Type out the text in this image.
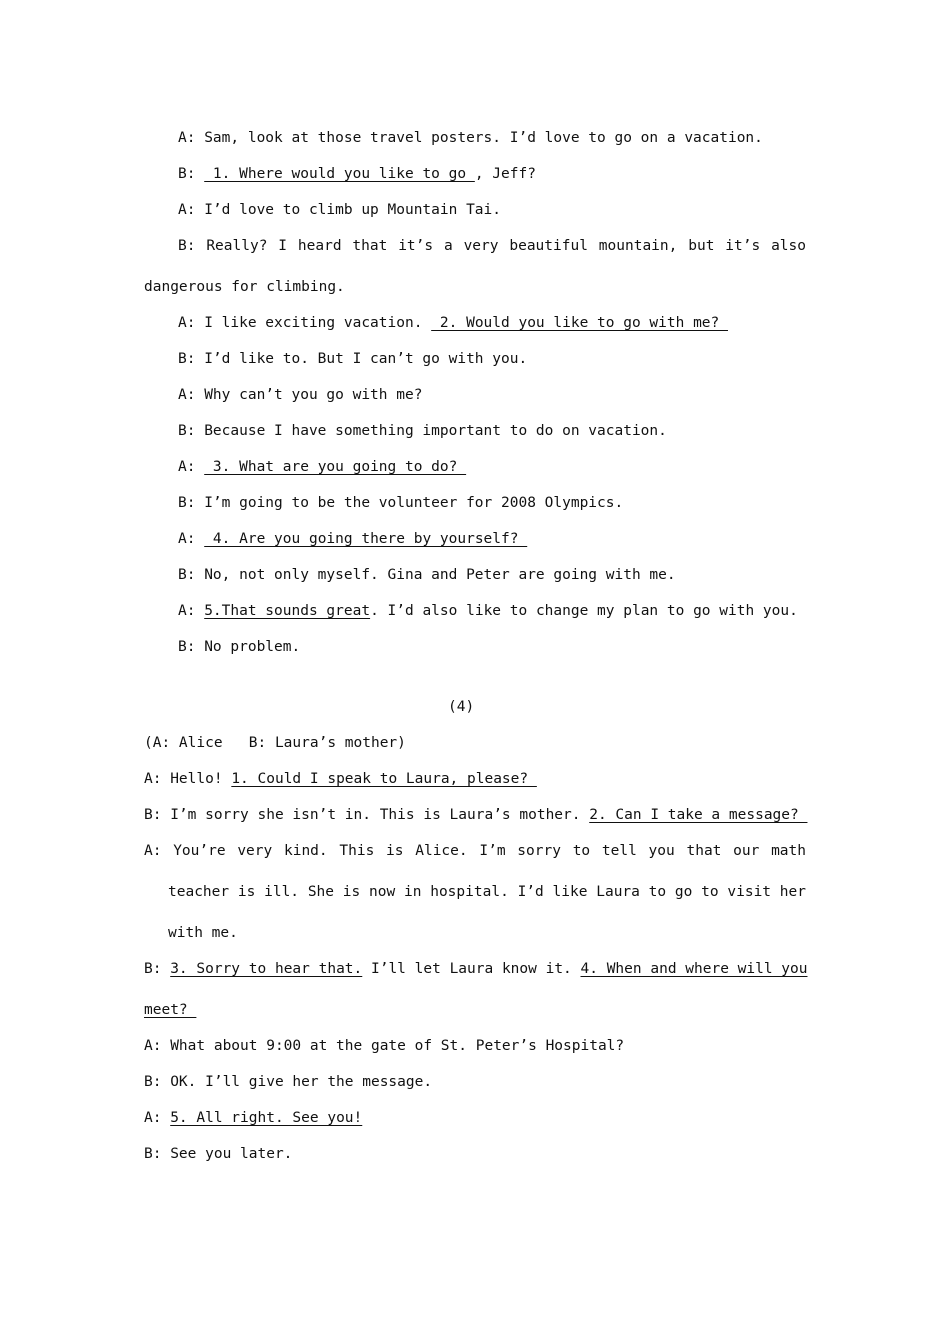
A: Sam, look at those travel posters. I’d love to go on a vacation.
B:  1. Where would you like to go , Jeff?
A: I’d love to climb up Mountain Tai.
B: Really? I heard that it’s a very beautiful mountain, but it’s also
dangerous for climbing.
A: I like exciting vacation.  2. Would you like to go with me?
B: I’d like to. But I can’t go with you.
A: Why can’t you go with me?
B: Because I have something important to do on vacation.
A:  3. What are you going to do?
B: I’m going to be the volunteer for 2008 Olympics.
A:  4. Are you going there by yourself?
B: No, not only myself. Gina and Peter are going with me.
A: 5.That sounds great. I’d also like to change my plan to go with you.
B: No problem.
(4)
(A: Alice   B: Laura’s mother)
A: Hello! 1. Could I speak to Laura, please?
B: I’m sorry she isn’t in. This is Laura’s mother. 2. Can I take a message?
A: You’re very kind. This is Alice. I’m sorry to tell you that our math
teacher is ill. She is now in hospital. I’d like Laura to go to visit her
with me.
B: 3. Sorry to hear that. I’ll let Laura know it. 4. When and where will you
meet?
A: What about 9:00 at the gate of St. Peter’s Hospital?
B: OK. I’ll give her the message.
A: 5. All right. See you!
B: See you later.
